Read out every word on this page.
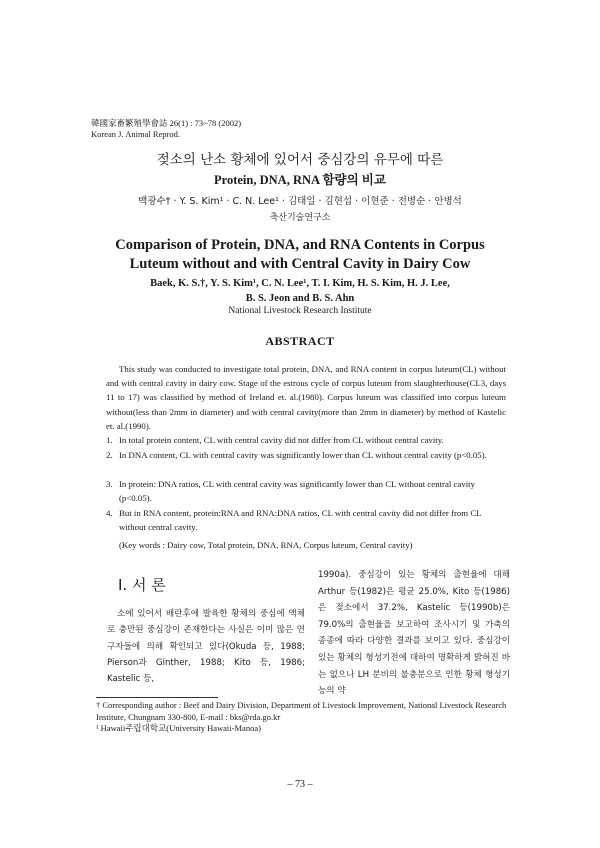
韓國家畜繁殖學會誌 26(1) : 73~78 (2002)
Korean J. Animal Reprod.
젖소의 난소 황체에 있어서 중심강의 유무에 따른
Protein, DNA, RNA 함량의 비교
백광수† · Y. S. Kim¹ · C. N. Lee¹ · 김태일 · 김현섭 · 이현준 · 전병순 · 안병석
축산기술연구소
Comparison of Protein, DNA, and RNA Contents in Corpus
Luteum without and with Central Cavity in Dairy Cow
Baek, K. S.†, Y. S. Kim¹, C. N. Lee¹, T. I. Kim, H. S. Kim, H. J. Lee,
B. S. Jeon and B. S. Ahn
National Livestock Research Institute
ABSTRACT

This study was conducted to investigate total protein, DNA, and RNA content in corpus luteum(CL) without and with central cavity in dairy cow. Stage of the estrous cycle of corpus luteum from slaughterhouse(CL3, days 11 to 17) was classified by method of Ireland et. al.(1980). Corpus luteum was classified into corpus luteum without(less than 2mm in diameter) and with central cavity(more than 2mm in diameter) by method of Kastelic et. al.(1990).

1. In total protein content, CL with central cavity did not differ from CL without central cavity.
2. In DNA content, CL with central cavity was significantly lower than CL without central cavity (p<0.05).
3. In protein: DNA ratios, CL with central cavity was significantly lower than CL without central cavity (p<0.05).
4. But in RNA content, protein:RNA and RNA:DNA ratios, CL with central cavity did not differ from CL without central cavity.
(Key words : Dairy cow, Total protein, DNA, RNA, Corpus luteum, Central cavity)
I. 서 론

소에 있어서 배란후에 발육한 황체의 중심에 액체로 충만된 중심강이 존재한다는 사실은 이미 많은 연구자들에 의해 확인되고 있다(Okuda 등, 1988; Pierson과 Ginther, 1988; Kito 등, 1986; Kastelic 등,

1990a). 중심강이 있는 황체의 출현율에 대해 Arthur 등(1982)은 평균 25.0%, Kito 등(1986)은 젖소에서 37.2%, Kastelic 등(1990b)은 79.0%의 출현율을 보고하여 조사시기 및 가축의 종종에 따라 다양한 결과를 보이고 있다. 중심강이 있는 황체의 형성기전에 대하여 명확하게 밝혀진 바는 없으나 LH 분비의 불충분으로 인한 황체 형성기능의 약

† Corresponding author : Beef and Dairy Division, Department of Livestock Improvement, National Livestock Research Institute, Chungnam 330-800, E-mail : bks@rda.go.kr

¹ Hawaii주립대학교(University Hawaii-Manoa)

– 73 –
